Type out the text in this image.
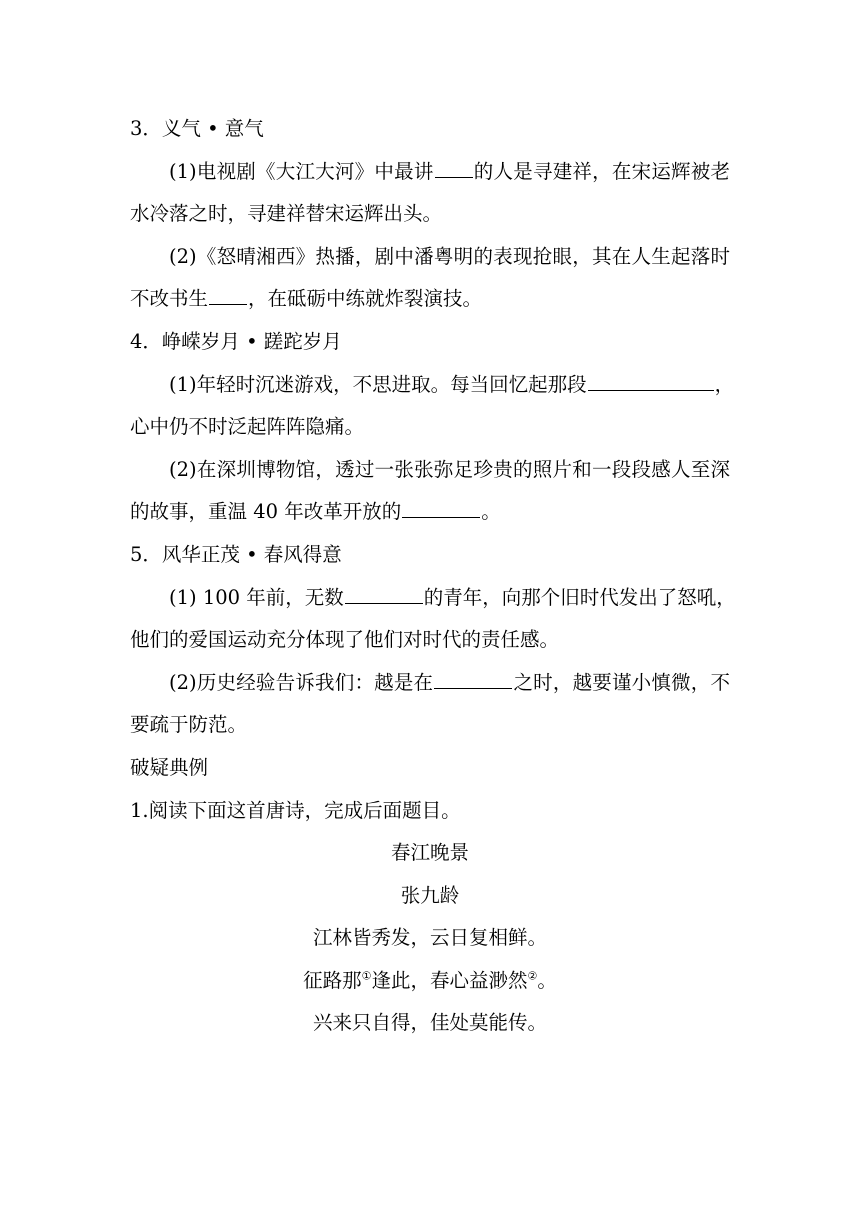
3．义气 • 意气
(1)电视剧《大江大河》中最讲 的人是寻建祥，在宋运辉被老
水冷落之时，寻建祥替宋运辉出头。
(2)《怒晴湘西》热播，剧中潘粤明的表现抢眼，其在人生起落时
不改书生 ，在砥砺中练就炸裂演技。
4．峥嵘岁月 • 蹉跎岁月
(1)年轻时沉迷游戏，不思进取。每当回忆起那段	，
心中仍不时泛起阵阵隐痛。
(2)在深圳博物馆，透过一张张弥足珍贵的照片和一段段感人至深
的故事，重温 40 年改革开放的	。
5．风华正茂 • 春风得意
(1) 100 年前，无数	的青年，向那个旧时代发出了怒吼，
他们的爱国运动充分体现了他们对时代的责任感。
(2)历史经验告诉我们：越是在	之时，越要谨小慎微，不
要疏于防范。
破疑典例
1.阅读下面这首唐诗，完成后面题目。
春江晚景
张九龄
江林皆秀发，云日复相鲜。
征路那①逢此，春心益渺然②。
兴来只自得，佳处莫能传。
